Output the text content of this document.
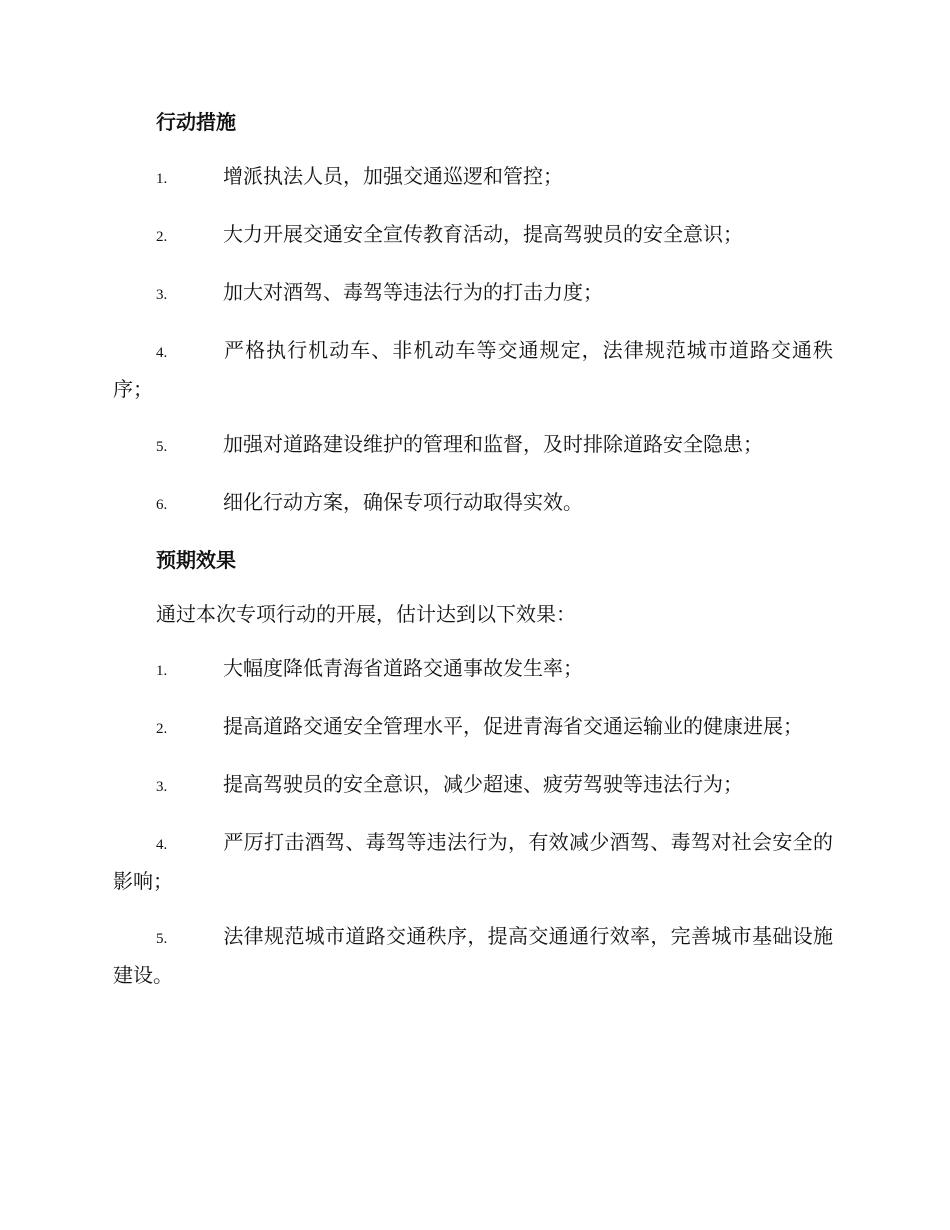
行动措施
1.	增派执法人员，加强交通巡逻和管控；
2.	大力开展交通安全宣传教育活动，提高驾驶员的安全意识；
3.	加大对酒驾、毒驾等违法行为的打击力度；
4.	严格执行机动车、非机动车等交通规定，法律规范城市道路交通秩序；
5.	加强对道路建设维护的管理和监督，及时排除道路安全隐患；
6.	细化行动方案，确保专项行动取得实效。
预期效果
通过本次专项行动的开展，估计达到以下效果：
1.	大幅度降低青海省道路交通事故发生率；
2.	提高道路交通安全管理水平，促进青海省交通运输业的健康进展；
3.	提高驾驶员的安全意识，减少超速、疲劳驾驶等违法行为；
4.	严厉打击酒驾、毒驾等违法行为，有效减少酒驾、毒驾对社会安全的影响；
5.	法律规范城市道路交通秩序，提高交通通行效率，完善城市基础设施建设。
